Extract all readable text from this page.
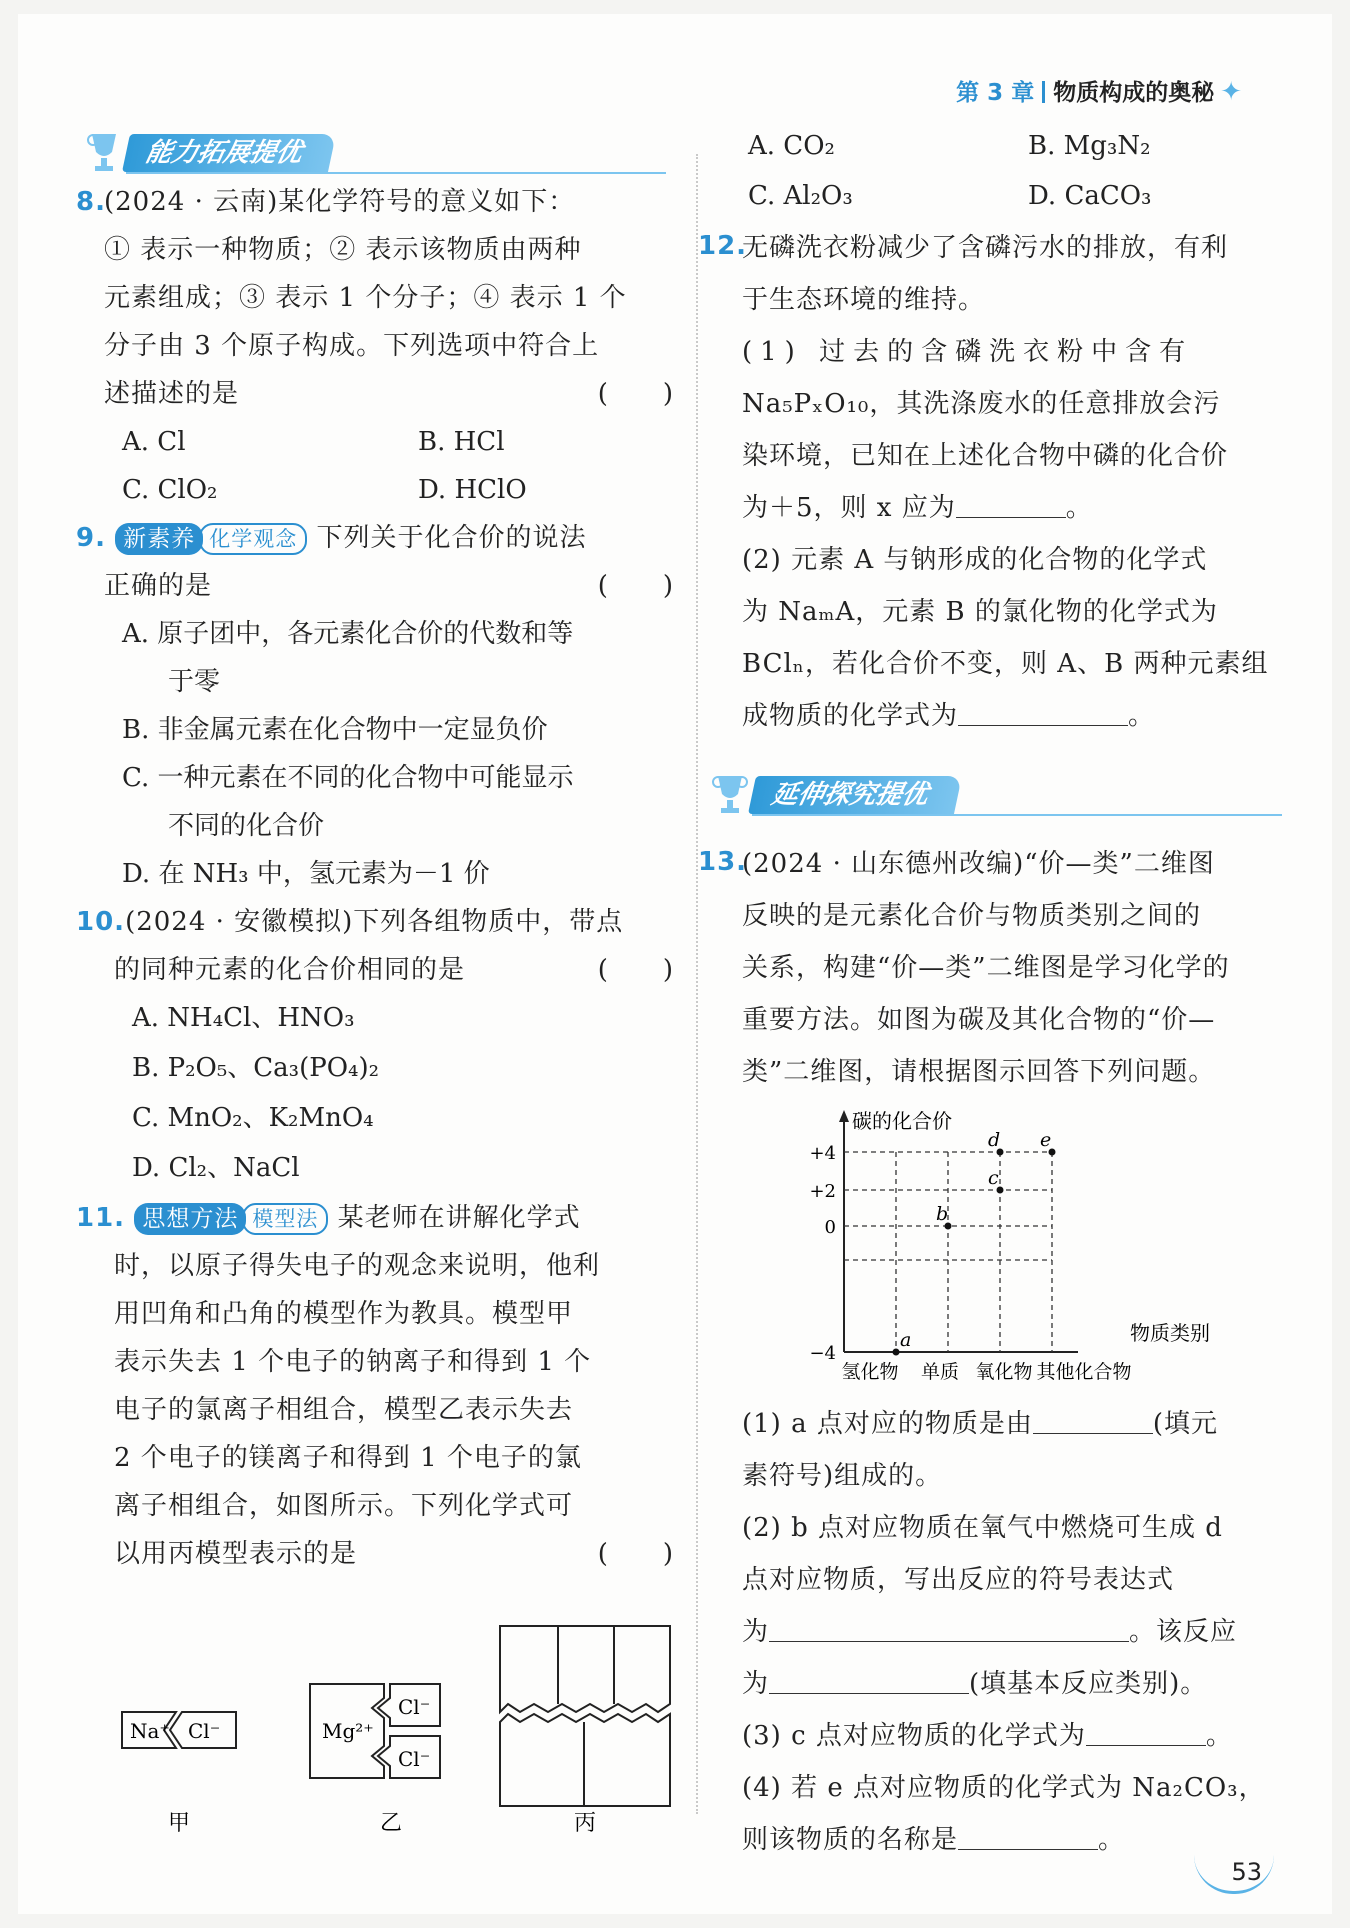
第 3 章 物质构成的奥秘 ✦
能力拓展提优
8.
(2024 · 云南)某化学符号的意义如下：
① 表示一种物质；② 表示该物质由两种
元素组成；③ 表示 1 个分子；④ 表示 1 个
分子由 3 个原子构成。下列选项中符合上
述描述的是	(　　)
A. Cl	B. HCl
C. ClO₂	D. HClO
9. 新素养 化学观念 下列关于化合价的说法
正确的是	(　　)
A. 原子团中，各元素化合价的代数和等
于零
B. 非金属元素在化合物中一定显负价
C. 一种元素在不同的化合物中可能显示
不同的化合价
D. 在 NH₃ 中，氢元素为－1 价
10.(2024 · 安徽模拟)下列各组物质中，带点
的同种元素的化合价相同的是	(　　)
A. NH₄Cl、HNO₃
B. P₂O₅、Ca₃(PO₄)₂
C. MnO₂、K₂MnO₄
D. Cl₂、NaCl
11. 思想方法 模型法 某老师在讲解化学式
时，以原子得失电子的观念来说明，他利
用凹角和凸角的模型作为教具。模型甲
表示失去 1 个电子的钠离子和得到 1 个
电子的氯离子相组合，模型乙表示失去
2 个电子的镁离子和得到 1 个电子的氯
离子相组合，如图所示。下列化学式可
以用丙模型表示的是	(　　)
Na⁺ Cl⁻
甲
Mg²⁺
Cl⁻
Cl⁻
乙	丙
A. CO₂	B. Mg₃N₂
C. Al₂O₃	D. CaCO₃
12.
无磷洗衣粉减少了含磷污水的排放，有利
于生态环境的维持。
(1) 过去的含磷洗衣粉中含有
Na₅PₓO₁₀，其洗涤废水的任意排放会污
染环境，已知在上述化合物中磷的化合价
为＋5，则 x 应为	。
(2) 元素 A 与钠形成的化合物的化学式
为 NaₘA，元素 B 的氯化物的化学式为
BClₙ，若化合价不变，则 A、B 两种元素组
成物质的化学式为	。
延伸探究提优
13.
(2024 · 山东德州改编)“价—类”二维图
反映的是元素化合价与物质类别之间的
关系，构建“价—类”二维图是学习化学的
重要方法。如图为碳及其化合物的“价—
类”二维图，请根据图示回答下列问题。
碳的化合价
物质类别
+4
+2
0
−4
氢化物 单质 氧化物 其他化合物
a
b
c
d e
(1) a 点对应的物质是由	(填元
素符号)组成的。
(2) b 点对应物质在氧气中燃烧可生成 d
点对应物质，写出反应的符号表达式
为	。该反应
为	(填基本反应类别)。
(3) c 点对应物质的化学式为	。
(4) 若 e 点对应物质的化学式为 Na₂CO₃，
则该物质的名称是	。
53
